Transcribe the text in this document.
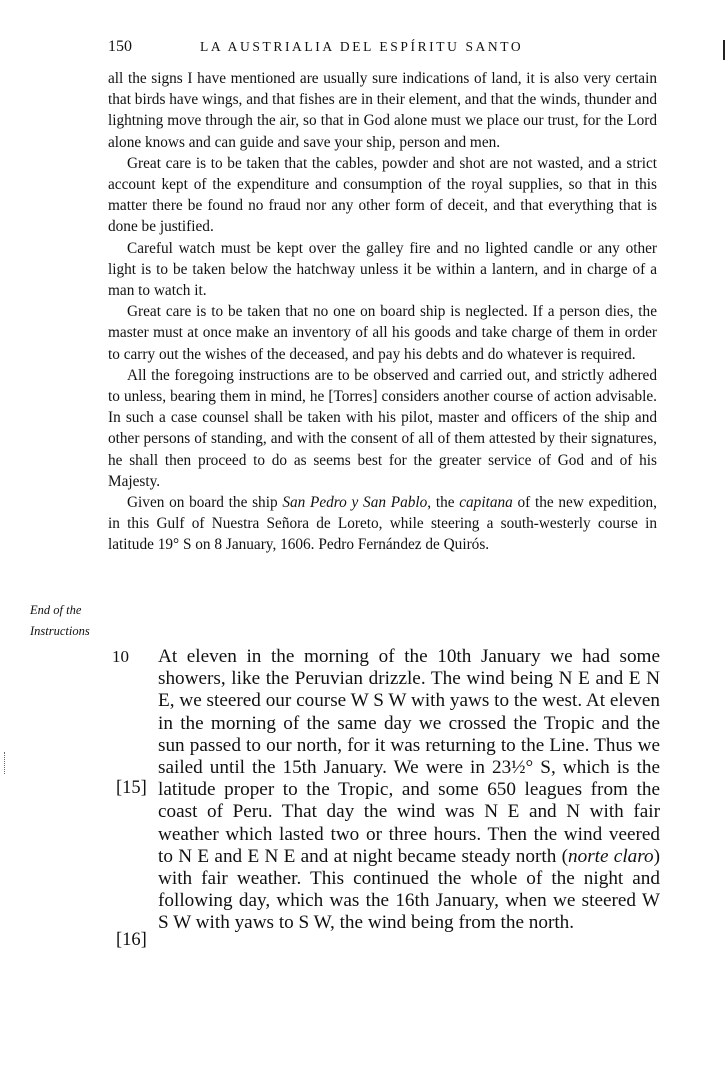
150	LA AUSTRIALIA DEL ESPÍRITU SANTO

all the signs I have mentioned are usually sure indications of land, it is also very certain that birds have wings, and that fishes are in their element, and that the winds, thunder and lightning move through the air, so that in God alone must we place our trust, for the Lord alone knows and can guide and save your ship, person and men.

Great care is to be taken that the cables, powder and shot are not wasted, and a strict account kept of the expenditure and consumption of the royal supplies, so that in this matter there be found no fraud nor any other form of deceit, and that everything that is done be justified.

Careful watch must be kept over the galley fire and no lighted candle or any other light is to be taken below the hatchway unless it be within a lantern, and in charge of a man to watch it.

Great care is to be taken that no one on board ship is neglected. If a person dies, the master must at once make an inventory of all his goods and take charge of them in order to carry out the wishes of the deceased, and pay his debts and do whatever is required.

All the foregoing instructions are to be observed and carried out, and strictly adhered to unless, bearing them in mind, he [Torres] considers another course of action advisable. In such a case counsel shall be taken with his pilot, master and officers of the ship and other persons of standing, and with the consent of all of them attested by their signatures, he shall then proceed to do as seems best for the greater service of God and of his Majesty.

Given on board the ship San Pedro y San Pablo, the capitana of the new expedition, in this Gulf of Nuestra Señora de Loreto, while steering a south-westerly course in latitude 19° S on 8 January, 1606. Pedro Fernández de Quirós.

End of the
Instructions
10
[15]
[16]

At eleven in the morning of the 10th January we had some showers, like the Peruvian drizzle. The wind being N E and E N E, we steered our course W S W with yaws to the west. At eleven in the morning of the same day we crossed the Tropic and the sun passed to our north, for it was returning to the Line. Thus we sailed until the 15th January. We were in 23½° S, which is the latitude proper to the Tropic, and some 650 leagues from the coast of Peru. That day the wind was N E and N with fair weather which lasted two or three hours. Then the wind veered to N E and E N E and at night became steady north (norte claro) with fair weather. This continued the whole of the night and following day, which was the 16th January, when we steered W S W with yaws to S W, the wind being from the north.
